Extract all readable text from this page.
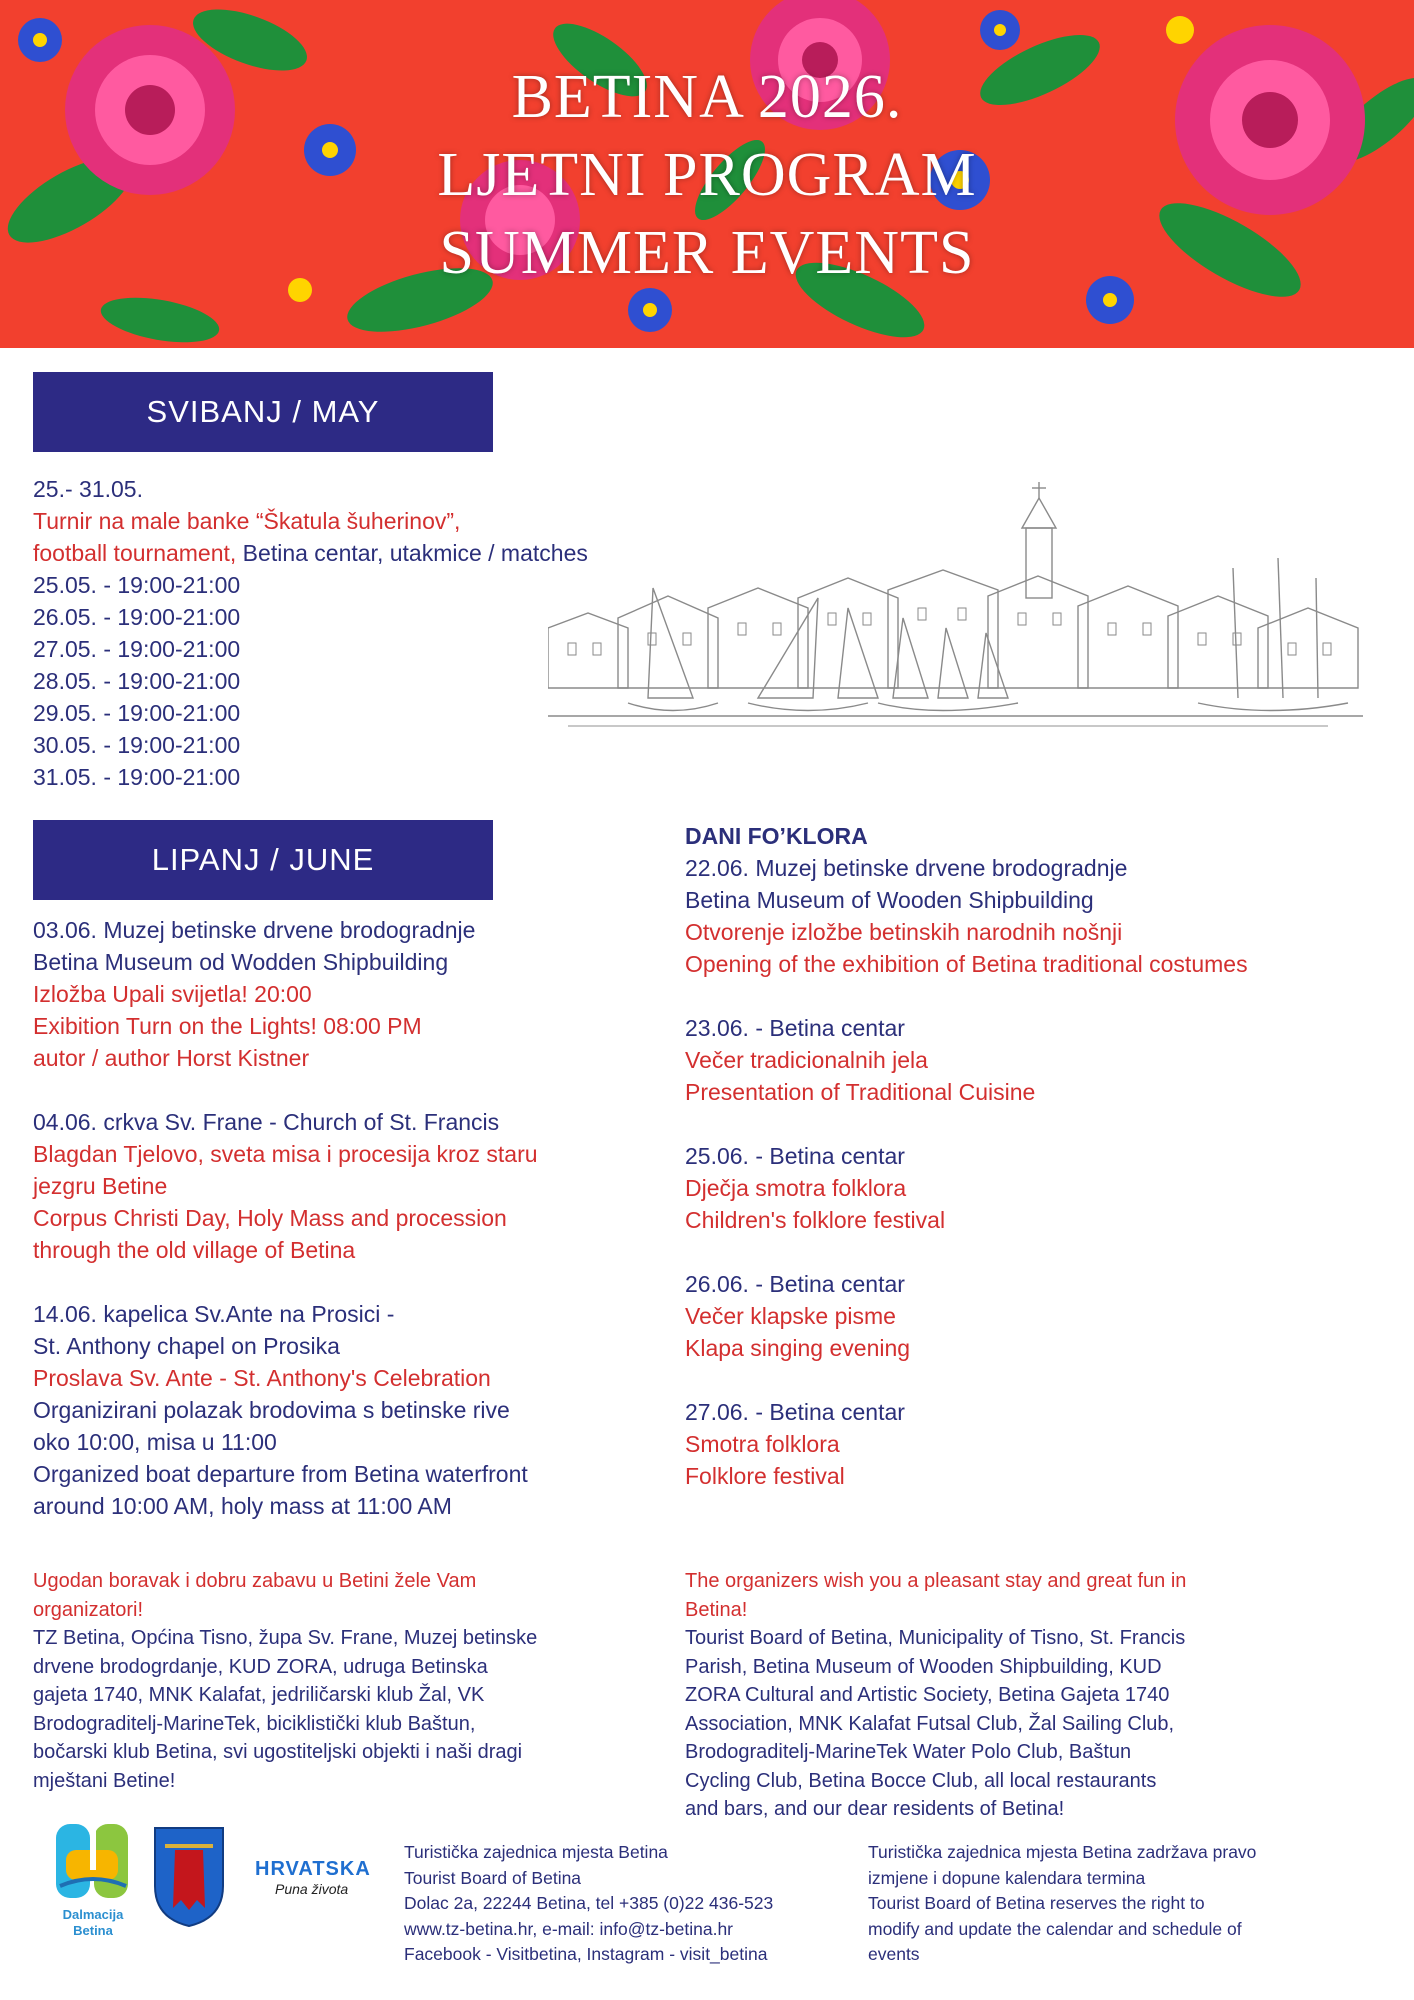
BETINA 2026.
LJETNI PROGRAM
SUMMER EVENTS
SVIBANJ / MAY
25.- 31.05.
Turnir na male banke “Škatula šuherinov”,
football tournament, Betina centar, utakmice / matches
25.05. - 19:00-21:00
26.05. - 19:00-21:00
27.05. - 19:00-21:00
28.05. - 19:00-21:00
29.05. - 19:00-21:00
30.05. - 19:00-21:00
31.05. - 19:00-21:00
LIPANJ / JUNE
03.06. Muzej betinske drvene brodogradnje
Betina Museum od Wodden Shipbuilding
Izložba Upali svijetla! 20:00
Exibition Turn on the Lights! 08:00 PM
autor / author Horst Kistner
04.06. crkva Sv. Frane - Church of St. Francis
Blagdan Tjelovo, sveta misa i procesija kroz staru
jezgru Betine
Corpus Christi Day, Holy Mass and procession
through the old village of Betina
14.06. kapelica Sv.Ante na Prosici -
St. Anthony chapel on Prosika
Proslava Sv. Ante - St. Anthony's Celebration
Organizirani polazak brodovima s betinske rive
oko 10:00, misa u 11:00
Organized boat departure from Betina waterfront
around 10:00 AM, holy mass at 11:00 AM
DANI FO’KLORA
22.06. Muzej betinske drvene brodogradnje
Betina Museum of Wooden Shipbuilding
Otvorenje izložbe betinskih narodnih nošnji
Opening of the exhibition of Betina traditional costumes
23.06. - Betina centar
Večer tradicionalnih jela
Presentation of Traditional Cuisine
25.06. - Betina centar
Dječja smotra folklora
Children's folklore festival
26.06. - Betina centar
Večer klapske pisme
Klapa singing evening
27.06. - Betina centar
Smotra folklora
Folklore festival
Ugodan boravak i dobru zabavu u Betini žele Vam
organizatori!
TZ Betina, Općina Tisno, župa Sv. Frane, Muzej betinske
drvene brodogrdanje, KUD ZORA, udruga Betinska
gajeta 1740, MNK Kalafat, jedriličarski klub Žal, VK
Brodograditelj-MarineTek, biciklistički klub Baštun,
bočarski klub Betina, svi ugostiteljski objekti i naši dragi
mještani Betine!
The organizers wish you a pleasant stay and great fun in
Betina!
Tourist Board of Betina, Municipality of Tisno, St. Francis
Parish, Betina Museum of Wooden Shipbuilding, KUD
ZORA Cultural and Artistic Society, Betina Gajeta 1740
Association, MNK Kalafat Futsal Club, Žal Sailing Club,
Brodograditelj-MarineTek Water Polo Club, Baštun
Cycling Club, Betina Bocce Club, all local restaurants
and bars, and our dear residents of Betina!
Dalmacija
Betina
HRVATSKA
Puna života
Turistička zajednica mjesta Betina
Tourist Board of Betina
Dolac 2a, 22244 Betina, tel +385 (0)22 436-523
www.tz-betina.hr, e-mail: info@tz-betina.hr
Facebook - Visitbetina, Instagram - visit_betina
Turistička zajednica mjesta Betina zadržava pravo
izmjene i dopune kalendara termina
Tourist Board of Betina reserves the right to
modify and update the calendar and schedule of
events
